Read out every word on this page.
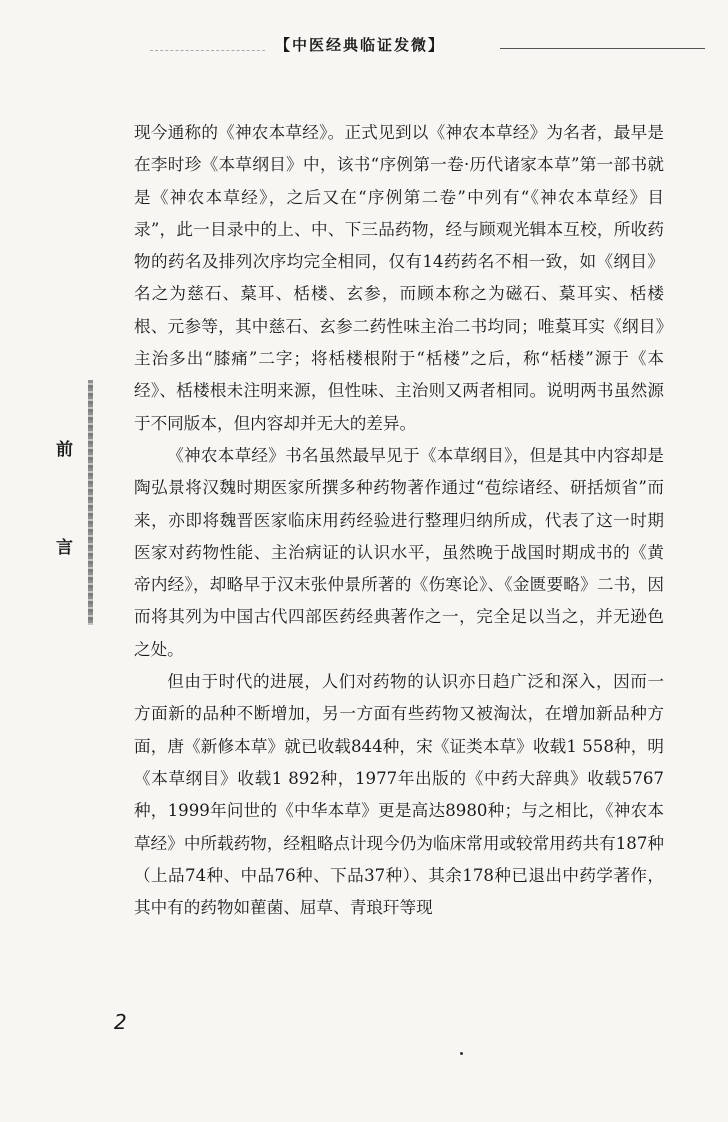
【中医经典临证发微】

现今通称的《神农本草经》。正式见到以《神农本草经》为名者，最早是在李时珍《本草纲目》中，该书“序例第一卷·历代诸家本草”第一部书就是《神农本草经》，之后又在“序例第二卷”中列有“《神农本草经》目录”，此一目录中的上、中、下三品药物，经与顾观光辑本互校，所收药物的药名及排列次序均完全相同，仅有14药药名不相一致，如《纲目》名之为慈石、葈耳、栝楼、玄参，而顾本称之为磁石、葈耳实、栝楼根、元参等，其中慈石、玄参二药性味主治二书均同；唯葈耳实《纲目》主治多出“膝痛”二字；将栝楼根附于“栝楼”之后，称“栝楼”源于《本经》、栝楼根未注明来源，但性味、主治则又两者相同。说明两书虽然源于不同版本，但内容却并无大的差异。

《神农本草经》书名虽然最早见于《本草纲目》，但是其中内容却是陶弘景将汉魏时期医家所撰多种药物著作通过“苞综诸经、研括烦省”而来，亦即将魏晋医家临床用药经验进行整理归纳所成，代表了这一时期医家对药物性能、主治病证的认识水平，虽然晚于战国时期成书的《黄帝内经》，却略早于汉末张仲景所著的《伤寒论》、《金匮要略》二书，因而将其列为中国古代四部医药经典著作之一，完全足以当之，并无逊色之处。

但由于时代的进展，人们对药物的认识亦日趋广泛和深入，因而一方面新的品种不断增加，另一方面有些药物又被淘汰，在增加新品种方面，唐《新修本草》就已收载844种，宋《证类本草》收载1 558种，明《本草纲目》收载1 892种，1977年出版的《中药大辞典》收载5767种，1999年问世的《中华本草》更是高达8980种；与之相比，《神农本草经》中所载药物，经粗略点计现今仍为临床常用或较常用药共有187种（上品74种、中品76种、下品37种）、其余178种已退出中药学著作，其中有的药物如雚菌、屈草、青琅玕等现

前
言
2
